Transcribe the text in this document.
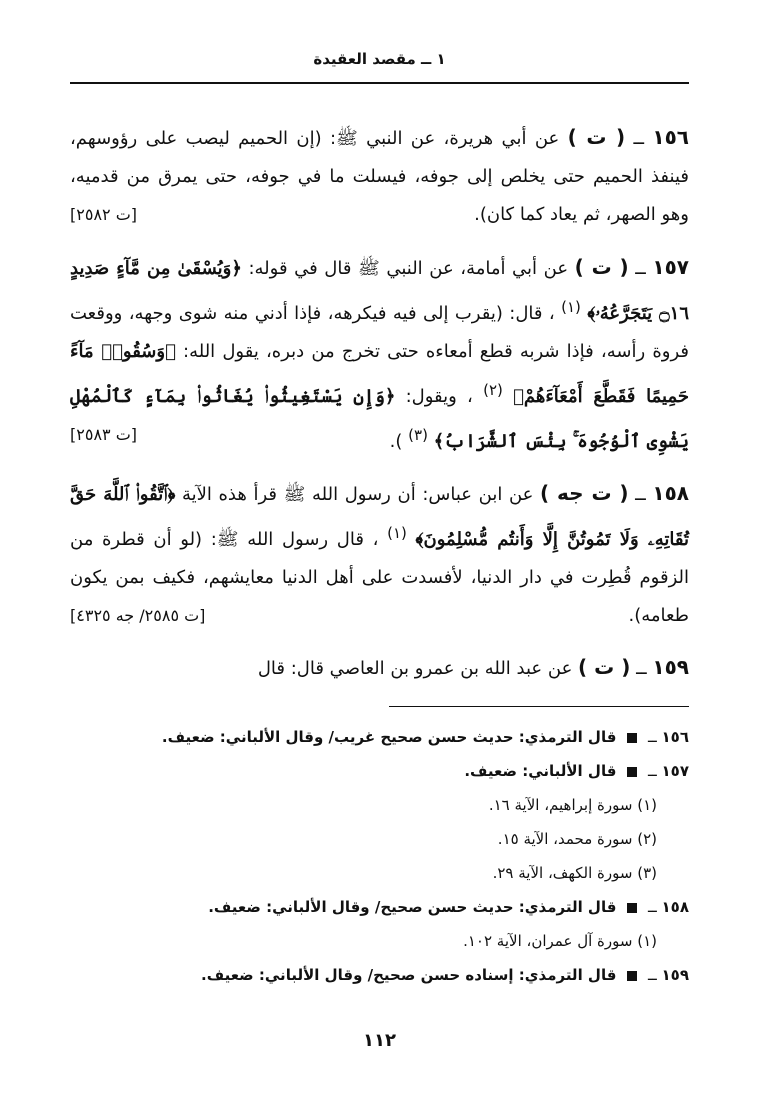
١ ــ مقصد العقيدة
١٥٦ ــ ( ت ) عن أبي هريرة، عن النبي ﷺ: (إن الحميم ليصب على رؤوسهم، فينفذ الحميم حتى يخلص إلى جوفه، فيسلت ما في جوفه، حتى يمرق من قدميه، وهو الصهر، ثم يعاد كما كان).
[ت ٢٥٨٢]
١٥٧ ــ ( ت ) عن أبي أمامة، عن النبي ﷺ قال في قوله: ﴿وَيُسْقَىٰ مِن مَّآءٍ صَدِيدٍ ۝١٦ يَتَجَرَّعُهُۥ﴾ $^{(١)}$ ، قال: (يقرب إلى فيه فيكرهه، فإذا أدني منه شوى وجهه، ووقعت فروة رأسه، فإذا شربه قطع أمعاءه حتى تخرج من دبره، يقول الله: ﴿وَسُقُوا۟ مَآءً حَمِيمًا فَقَطَّعَ أَمْعَآءَهُمْ﴾ $^{(٢)}$ ، ويقول: ﴿وَإِن يَسْتَغِيثُوا۟ يُغَاثُوا۟ بِمَآءٍ كَٱلْمُهْلِ يَشْوِى ٱلْوُجُوهَ ۚ بِئْسَ ٱلشَّرَابُ﴾ $^{(٣)}$ ).
[ت ٢٥٨٣]
١٥٨ ــ ( ت جه ) عن ابن عباس: أن رسول الله ﷺ قرأ هذه الآية ﴿ٱتَّقُوا۟ ٱللَّهَ حَقَّ تُقَاتِهِۦ وَلَا تَمُوتُنَّ إِلَّا وَأَنتُم مُّسْلِمُونَ﴾ $^{(١)}$ ، قال رسول الله ﷺ: (لو أن قطرة من الزقوم قُطِرت في دار الدنيا، لأفسدت على أهل الدنيا معايشهم، فكيف بمن يكون طعامه).
[ت ٢٥٨٥/ جه ٤٣٢٥]
١٥٩ ــ ( ت ) عن عبد الله بن عمرو بن العاصي قال: قال
١٥٦ ــ  قال الترمذي: حديث حسن صحيح غريب/ وقال الألباني: ضعيف.
١٥٧ ــ  قال الألباني: ضعيف.
(١) سورة إبراهيم، الآية ١٦.
(٢) سورة محمد، الآية ١٥.
(٣) سورة الكهف، الآية ٢٩.
١٥٨ ــ  قال الترمذي: حديث حسن صحيح/ وقال الألباني: ضعيف.
(١) سورة آل عمران، الآية ١٠٢.
١٥٩ ــ  قال الترمذي: إسناده حسن صحيح/ وقال الألباني: ضعيف.
١١٢
